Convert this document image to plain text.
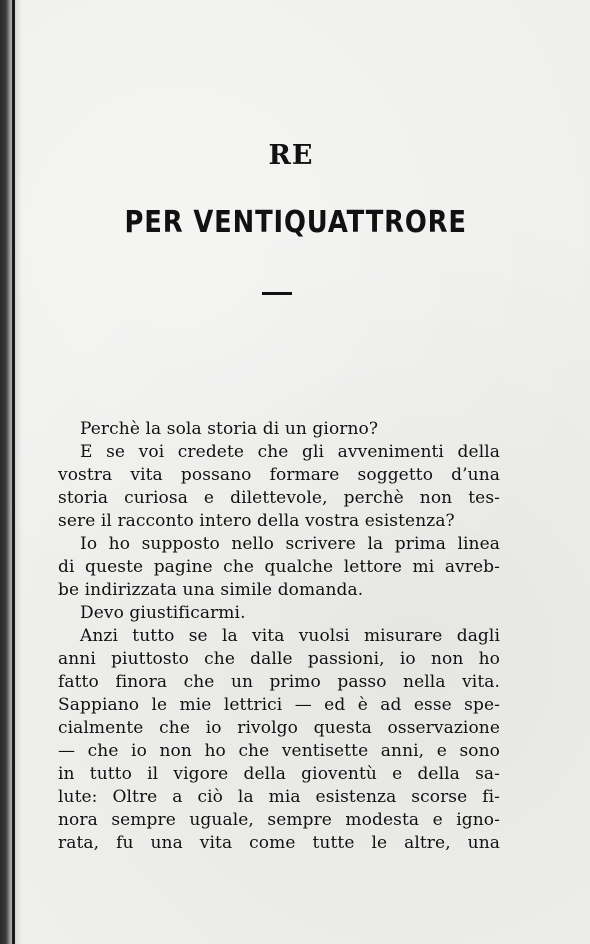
RE
PER VENTIQUATTRORE
Perchè la sola storia di un giorno?
E se voi credete che gli avvenimenti della
vostra vita possano formare soggetto d’una
storia curiosa e dilettevole, perchè non tes-
sere il racconto intero della vostra esistenza?
Io ho supposto nello scrivere la prima linea
di queste pagine che qualche lettore mi avreb-
be indirizzata una simile domanda.
Devo giustificarmi.
Anzi tutto se la vita vuolsi misurare dagli
anni piuttosto che dalle passioni, io non ho
fatto finora che un primo passo nella vita.
Sappiano le mie lettrici — ed è ad esse spe-
cialmente che io rivolgo questa osservazione
— che io non ho che ventisette anni, e sono
in tutto il vigore della gioventù e della sa-
lute: Oltre a ciò la mia esistenza scorse fi-
nora sempre uguale, sempre modesta e igno-
rata, fu una vita come tutte le altre, una
